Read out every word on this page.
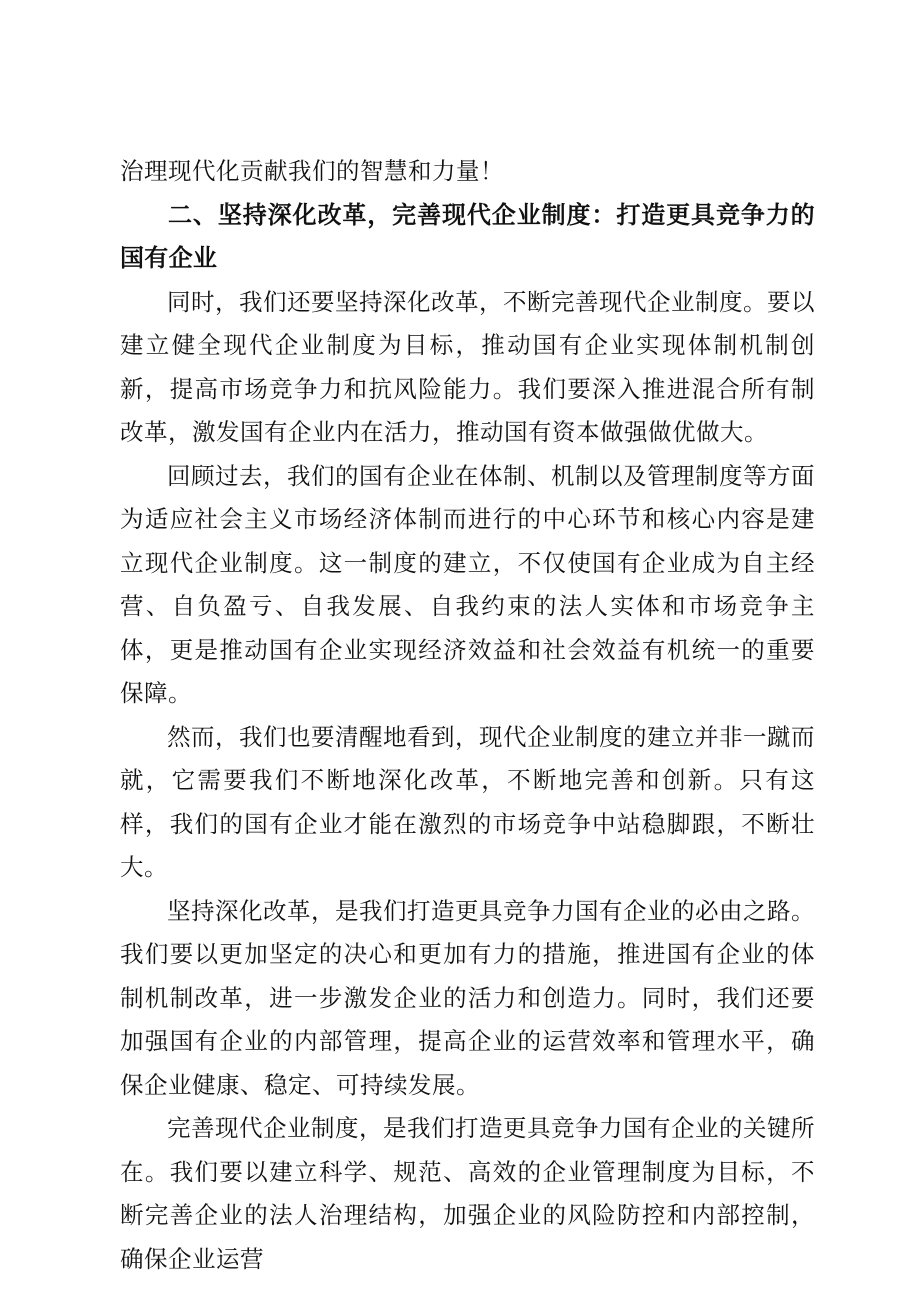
治理现代化贡献我们的智慧和力量！

二、坚持深化改革，完善现代企业制度：打造更具竞争力的国有企业

同时，我们还要坚持深化改革，不断完善现代企业制度。要以建立健全现代企业制度为目标，推动国有企业实现体制机制创新，提高市场竞争力和抗风险能力。我们要深入推进混合所有制改革，激发国有企业内在活力，推动国有资本做强做优做大。

回顾过去，我们的国有企业在体制、机制以及管理制度等方面为适应社会主义市场经济体制而进行的中心环节和核心内容是建立现代企业制度。这一制度的建立，不仅使国有企业成为自主经营、自负盈亏、自我发展、自我约束的法人实体和市场竞争主体，更是推动国有企业实现经济效益和社会效益有机统一的重要保障。

然而，我们也要清醒地看到，现代企业制度的建立并非一蹴而就，它需要我们不断地深化改革，不断地完善和创新。只有这样，我们的国有企业才能在激烈的市场竞争中站稳脚跟，不断壮大。

坚持深化改革，是我们打造更具竞争力国有企业的必由之路。我们要以更加坚定的决心和更加有力的措施，推进国有企业的体制机制改革，进一步激发企业的活力和创造力。同时，我们还要加强国有企业的内部管理，提高企业的运营效率和管理水平，确保企业健康、稳定、可持续发展。

完善现代企业制度，是我们打造更具竞争力国有企业的关键所在。我们要以建立科学、规范、高效的企业管理制度为目标，不断完善企业的法人治理结构，加强企业的风险防控和内部控制，确保企业运营
